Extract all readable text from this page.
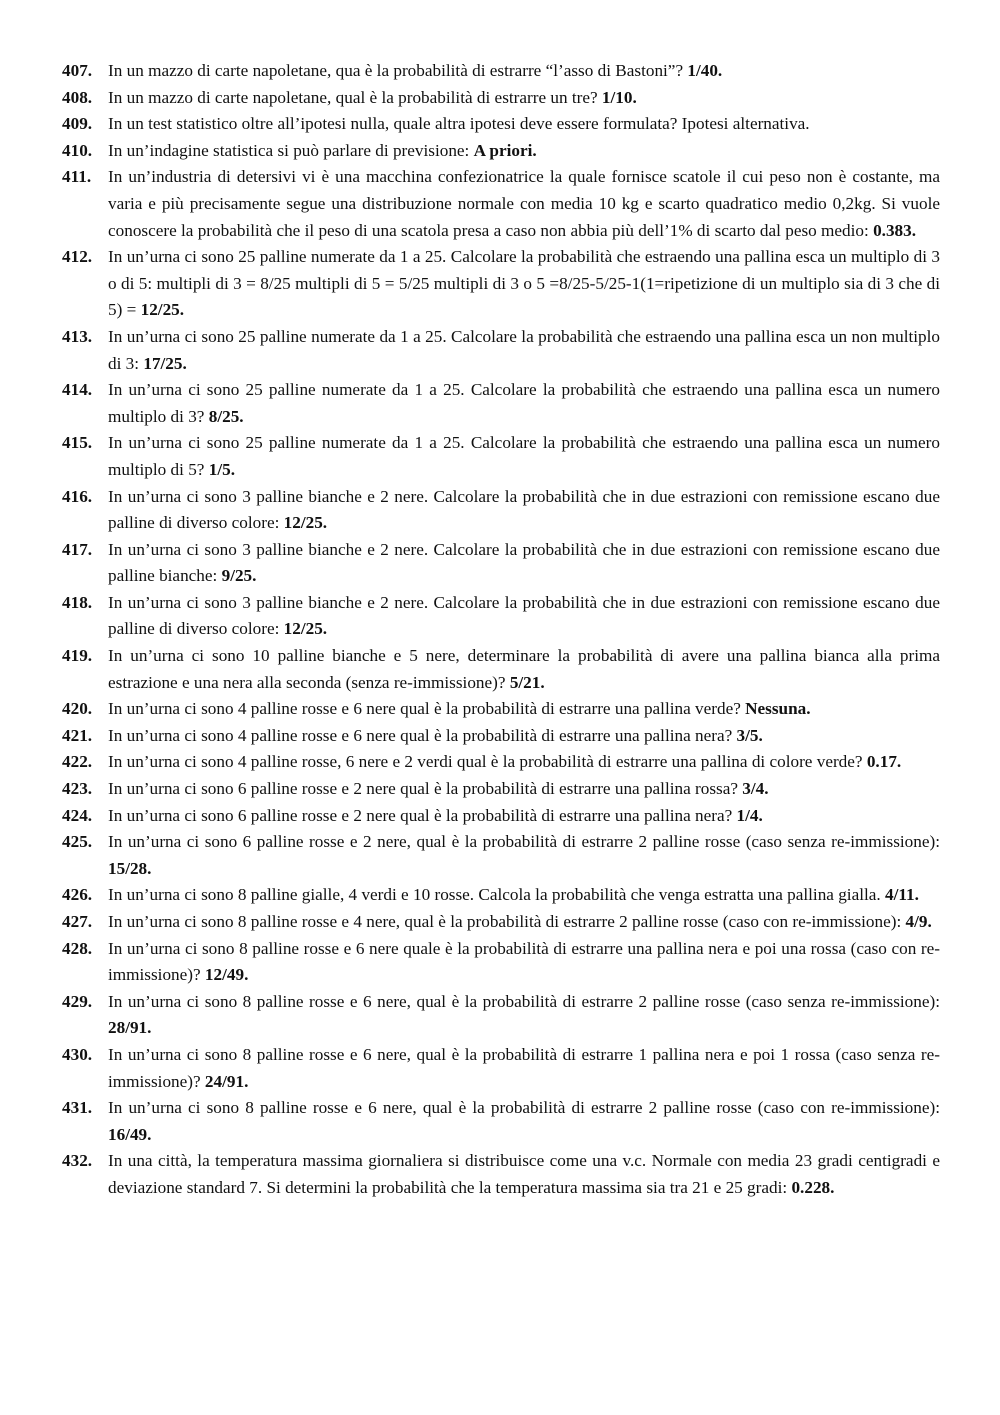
407. In un mazzo di carte napoletane, qua è la probabilità di estrarre “l’asso di Bastoni”? 1/40.
408. In un mazzo di carte napoletane, qual è la probabilità di estrarre un tre? 1/10.
409. In un test statistico oltre all’ipotesi nulla, quale altra ipotesi deve essere formulata? Ipotesi alternativa.
410. In un’indagine statistica si può parlare di previsione: A priori.
411. In un’industria di detersivi vi è una macchina confezionatrice la quale fornisce scatole il cui peso non è costante, ma varia e più precisamente segue una distribuzione normale con media 10 kg e scarto quadratico medio 0,2kg. Si vuole conoscere la probabilità che il peso di una scatola presa a caso non abbia più dell’1% di scarto dal peso medio: 0.383.
412. In un’urna ci sono 25 palline numerate da 1 a 25. Calcolare la probabilità che estraendo una pallina esca un multiplo di 3 o di 5: multipli di 3 = 8/25 multipli di 5 = 5/25 multipli di 3 o 5 =8/25-5/25-1(1=ripetizione di un multiplo sia di 3 che di 5) = 12/25.
413. In un’urna ci sono 25 palline numerate da 1 a 25. Calcolare la probabilità che estraendo una pallina esca un non multiplo di 3: 17/25.
414. In un’urna ci sono 25 palline numerate da 1 a 25. Calcolare la probabilità che estraendo una pallina esca un numero multiplo di 3? 8/25.
415. In un’urna ci sono 25 palline numerate da 1 a 25. Calcolare la probabilità che estraendo una pallina esca un numero multiplo di 5? 1/5.
416. In un’urna ci sono 3 palline bianche e 2 nere. Calcolare la probabilità che in due estrazioni con remissione escano due palline di diverso colore: 12/25.
417. In un’urna ci sono 3 palline bianche e 2 nere. Calcolare la probabilità che in due estrazioni con remissione escano due palline bianche: 9/25.
418. In un’urna ci sono 3 palline bianche e 2 nere. Calcolare la probabilità che in due estrazioni con remissione escano due palline di diverso colore: 12/25.
419. In un’urna ci sono 10 palline bianche e 5 nere, determinare la probabilità di avere una pallina bianca alla prima estrazione e una nera alla seconda (senza re-immissione)? 5/21.
420. In un’urna ci sono 4 palline rosse e 6 nere qual è la probabilità di estrarre una pallina verde? Nessuna.
421. In un’urna ci sono 4 palline rosse e 6 nere qual è la probabilità di estrarre una pallina nera? 3/5.
422. In un’urna ci sono 4 palline rosse, 6 nere e 2 verdi qual è la probabilità di estrarre una pallina di colore verde? 0.17.
423. In un’urna ci sono 6 palline rosse e 2 nere qual è la probabilità di estrarre una pallina rossa? 3/4.
424. In un’urna ci sono 6 palline rosse e 2 nere qual è la probabilità di estrarre una pallina nera? 1/4.
425. In un’urna ci sono 6 palline rosse e 2 nere, qual è la probabilità di estrarre 2 palline rosse (caso senza re-immissione): 15/28.
426. In un’urna ci sono 8 palline gialle, 4 verdi e 10 rosse. Calcola la probabilità che venga estratta una pallina gialla. 4/11.
427. In un’urna ci sono 8 palline rosse e 4 nere, qual è la probabilità di estrarre 2 palline rosse (caso con re-immissione): 4/9.
428. In un’urna ci sono 8 palline rosse e 6 nere quale è la probabilità di estrarre una pallina nera e poi una rossa (caso con re-immissione)? 12/49.
429. In un’urna ci sono 8 palline rosse e 6 nere, qual è la probabilità di estrarre 2 palline rosse (caso senza re-immissione): 28/91.
430. In un’urna ci sono 8 palline rosse e 6 nere, qual è la probabilità di estrarre 1 pallina nera e poi 1 rossa (caso senza re-immissione)? 24/91.
431. In un’urna ci sono 8 palline rosse e 6 nere, qual è la probabilità di estrarre 2 palline rosse (caso con re-immissione): 16/49.
432. In una città, la temperatura massima giornaliera si distribuisce come una v.c. Normale con media 23 gradi centigradi e deviazione standard 7. Si determini la probabilità che la temperatura massima sia tra 21 e 25 gradi: 0.228.
